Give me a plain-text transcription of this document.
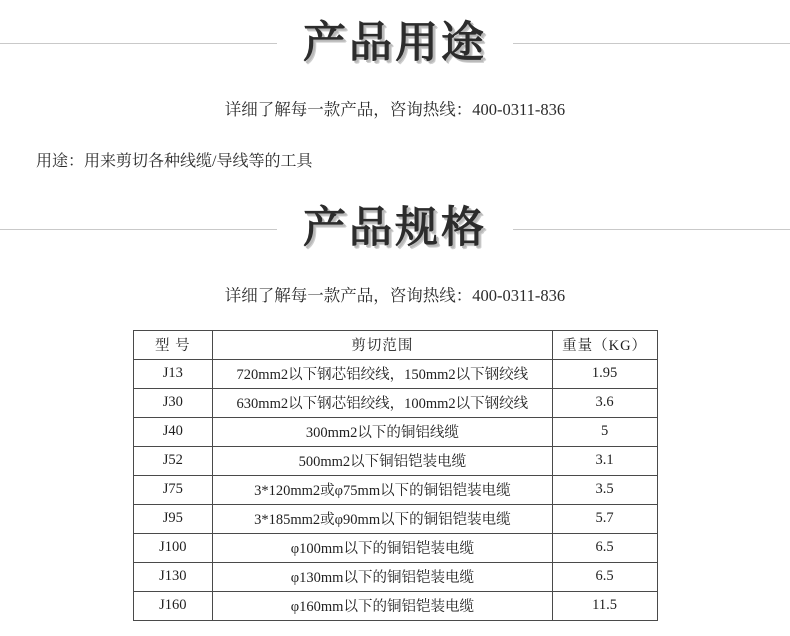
产品用途
详细了解每一款产品，咨询热线：400-0311-836
用途：用来剪切各种线缆/导线等的工具
产品规格
详细了解每一款产品，咨询热线：400-0311-836
型 号	剪切范围	重量（KG）
J13	720mm2以下钢芯铝绞线，150mm2以下钢绞线	1.95
J30	630mm2以下钢芯铝绞线，100mm2以下钢绞线	3.6
J40	300mm2以下的铜铝线缆	5
J52	500mm2以下铜铝铠装电缆	3.1
J75	3*120mm2或φ75mm以下的铜铝铠装电缆	3.5
J95	3*185mm2或φ90mm以下的铜铝铠装电缆	5.7
J100	φ100mm以下的铜铝铠装电缆	6.5
J130	φ130mm以下的铜铝铠装电缆	6.5
J160	φ160mm以下的铜铝铠装电缆	11.5
